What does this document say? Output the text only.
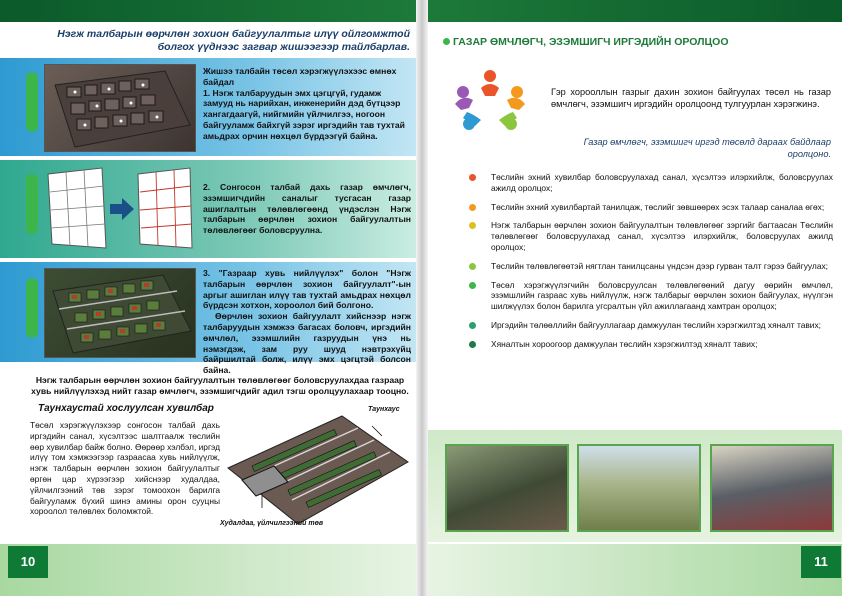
Нэгж талбарын өөрчлөн зохион байгуулалтыг илүү ойлгомжтой болгох үүднээс загвар жишээгээр тайлбарлав.
Жишээ талбайн төсөл хэрэгжүүлэхээс өмнөх байдал
1. Нэгж талбаруудын эмх цэгцгүй, гудамж замууд нь нарийхан, инженерийн дэд бүтцээр хангагдаагүй, нийгмийн үйлчилгээ, ногоон байгууламж байхгүй зэрэг иргэдийн тав тухтай амьдрах орчин нөхцөл бүрдээгүй байна.
2. Сонгосон талбай дахь газар өмчлөгч, эзэмшигчдийн саналыг тусгасан газар ашиглалтын төлөвлөгөөнд үндэслэн Нэгж талбарын өөрчлөн зохион байгуулалтын төлөвлөгөөг боловсруулна.
3. "Газраар хувь нийлүүлэх" болон "Нэгж талбарын өөрчлөн зохион байгуулалт"-ын аргыг ашиглан илүү тав тухтай амьдрах нөхцөл бүрдсэн хотхон, хороолол бий болгоно.
Өөрчлөн зохион байгуулалт хийснээр нэгж талбаруудын хэмжээ багасах боловч, иргэдийн өмчлөл, эзэмшлийн газруудын үнэ нь нэмэгдэж, зам руу шууд нэвтрэхүйц байршилтай болж, илүү эмх цэгцтэй болсон байна.
Нэгж талбарын өөрчлөн зохион байгуулалтын төлөвлөгөөг боловсруулахдаа газраар хувь нийлүүлэхэд нийт газар өмчлөгч, эзэмшигчдийг адил тэгш оролцуулахаар тооцно.
Таунхаустай хослуулсан хувилбар
Төсөл хэрэгжүүлэхээр сонгосон талбай дахь иргэдийн санал, хүсэлтээс шалтгаалж төслийн өөр хувилбар байж болно. Өөрөөр хэлбэл, иргэд илүү том хэмжээгээр газраасаа хувь нийлүүлж, нэгж талбарын өөрчлөн зохион байгуулалтыг өргөн цар хүрээгээр хийснээр худалдаа, үйлчилгээний төв зэрэг томоохон барилга байгууламж бүхий шинэ амины орон сууцны хороолол төлөвлөх боломжтой.
Таунхаус
Худалдаа, үйлчилгээний төв
10
ГАЗАР ӨМЧЛӨГЧ, ЭЗЭМШИГЧ ИРГЭДИЙН ОРОЛЦОО
Гэр хорооллын газрыг дахин зохион байгуулах төсөл нь газар өмчлөгч, эзэмшигч иргэдийн оролцоонд тулгуурлан хэрэгжинэ.
Газар өмчлөгч, эзэмшигч иргэд төсөлд дараах байдлаар оролцоно.
Төслийн эхний хувилбар боловсруулахад санал, хүсэлтээ илэрхийлж, боловсруулах ажилд оролцох;
Төслийн эхний хувилбартай танилцаж, төслийг зөвшөөрөх эсэх талаар саналаа өгөх;
Нэгж талбарын өөрчлөн зохион байгуулалтын төлөвлөгөөг зэргийг багтаасан Төслийн төлөвлөгөөг боловсруулахад санал, хүсэлтээ илэрхийлж, боловсруулах ажилд оролцох;
Төслийн төлөвлөгөөтэй нягтлан танилцсаны үндсэн дээр гурван талт гэрээ байгуулах;
Төсөл хэрэгжүүлэгчийн боловсруулсан төлөвлөгөөний дагуу өөрийн өмчлөл, эзэмшлийн газраас хувь нийлүүлж, нэгж талбарыг өөрчлөн зохион байгуулах, нүүлгэн шилжүүлэх болон барилга угсралтын үйл ажиллагаанд хамтран оролцох;
Иргэдийн төлөөллийн байгууллагаар дамжуулан төслийн хэрэгжилтэд хяналт тавих;
Хяналтын хороогоор дамжуулан төслийн хэрэгжилтэд хяналт тавих;
11
